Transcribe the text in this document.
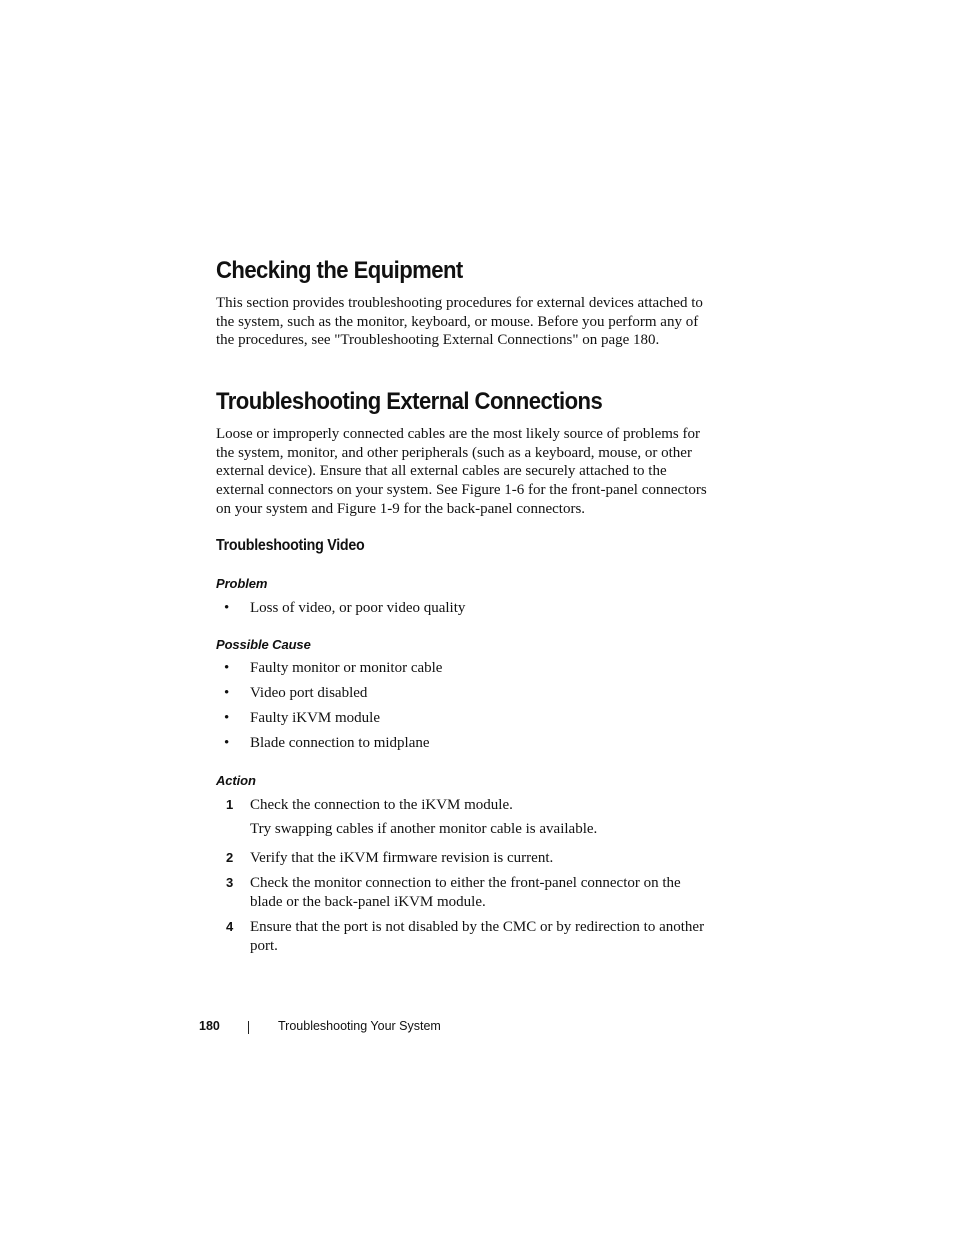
Checking the Equipment

This section provides troubleshooting procedures for external devices attached to the system, such as the monitor, keyboard, or mouse. Before you perform any of the procedures, see "Troubleshooting External Connections" on page 180.

Troubleshooting External Connections

Loose or improperly connected cables are the most likely source of problems for the system, monitor, and other peripherals (such as a keyboard, mouse, or other external device). Ensure that all external cables are securely attached to the external connectors on your system. See Figure 1-6 for the front-panel connectors on your system and Figure 1-9 for the back-panel connectors.

Troubleshooting Video
Problem
• Loss of video, or poor video quality
Possible Cause
• Faulty monitor or monitor cable
• Video port disabled
• Faulty iKVM module
• Blade connection to midplane
Action
1 Check the connection to the iKVM module.
Try swapping cables if another monitor cable is available.
2 Verify that the iKVM firmware revision is current.
3 Check the monitor connection to either the front-panel connector on the blade or the back-panel iKVM module.
4 Ensure that the port is not disabled by the CMC or by redirection to another port.
180	Troubleshooting Your System
